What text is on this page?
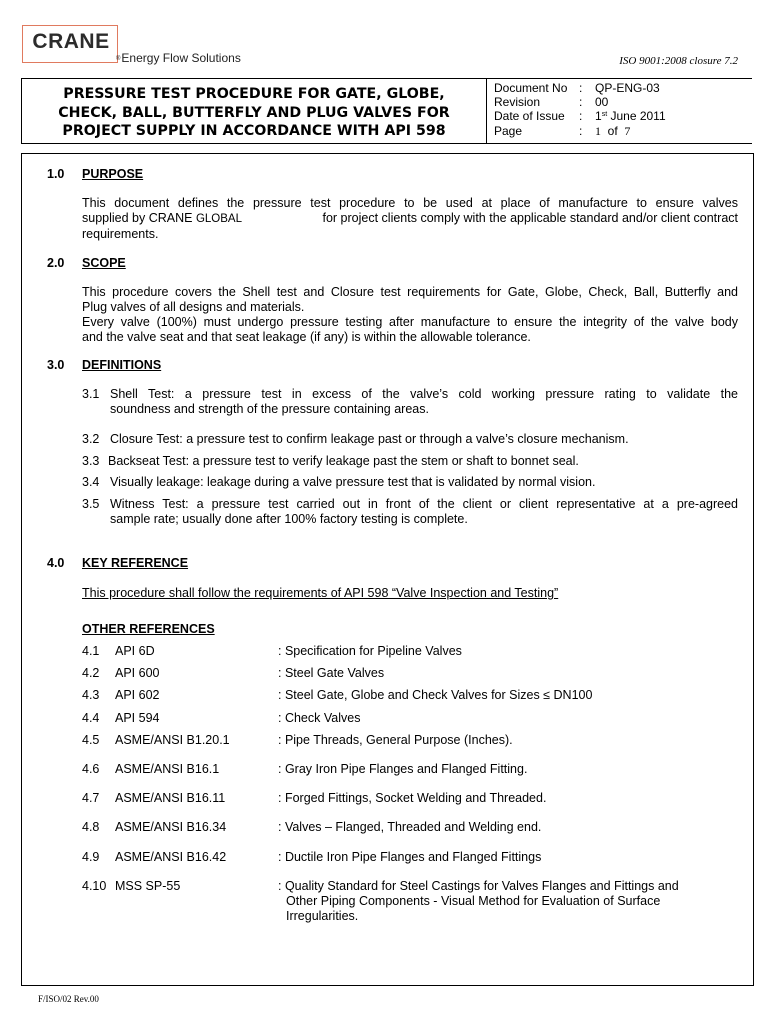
CRANE
®Energy Flow Solutions	ISO 9001:2008 closure 7.2
PRESSURE TEST PROCEDURE FOR GATE, GLOBE,
CHECK, BALL, BUTTERFLY AND PLUG VALVES FOR
PROJECT SUPPLY IN ACCORDANCE WITH API 598
Document No : QP-ENG-03
Revision	: 00
Date of Issue : 1st June 2011
Page	: 1 of 7
1.0 PURPOSE
This document defines the pressure test procedure to be used at place of manufacture to ensure valves
supplied by CRANE GLOBAL	for project clients comply with the applicable standard and/or client contract
requirements.
2.0 SCOPE
This procedure covers the Shell test and Closure test requirements for Gate, Globe, Check, Ball, Butterfly and
Plug valves of all designs and materials.
Every valve (100%) must undergo pressure testing after manufacture to ensure the integrity of the valve body
and the valve seat and that seat leakage (if any) is within the allowable tolerance.
3.0 DEFINITIONS
3.1 Shell Test: a pressure test in excess of the valve’s cold working pressure rating to validate the
soundness and strength of the pressure containing areas.
3.2 Closure Test: a pressure test to confirm leakage past or through a valve’s closure mechanism.
3.3 Backseat Test: a pressure test to verify leakage past the stem or shaft to bonnet seal.
3.4 Visually leakage: leakage during a valve pressure test that is validated by normal vision.
3.5 Witness Test: a pressure test carried out in front of the client or client representative at a pre-agreed
sample rate; usually done after 100% factory testing is complete.
4.0 KEY REFERENCE
This procedure shall follow the requirements of API 598 “Valve Inspection and Testing”
OTHER REFERENCES
4.1 API 6D	: Specification for Pipeline Valves
4.2 API 600	: Steel Gate Valves
4.3 API 602	: Steel Gate, Globe and Check Valves for Sizes ≤ DN100
4.4 API 594	: Check Valves
4.5 ASME/ANSI B1.20.1	: Pipe Threads, General Purpose (Inches).
4.6 ASME/ANSI B16.1	: Gray Iron Pipe Flanges and Flanged Fitting.
4.7 ASME/ANSI B16.11	: Forged Fittings, Socket Welding and Threaded.
4.8 ASME/ANSI B16.34	: Valves – Flanged, Threaded and Welding end.
4.9 ASME/ANSI B16.42	: Ductile Iron Pipe Flanges and Flanged Fittings
4.10 MSS SP-55	: Quality Standard for Steel Castings for Valves Flanges and Fittings and
Other Piping Components - Visual Method for Evaluation of Surface
Irregularities.
F/ISO/02 Rev.00
